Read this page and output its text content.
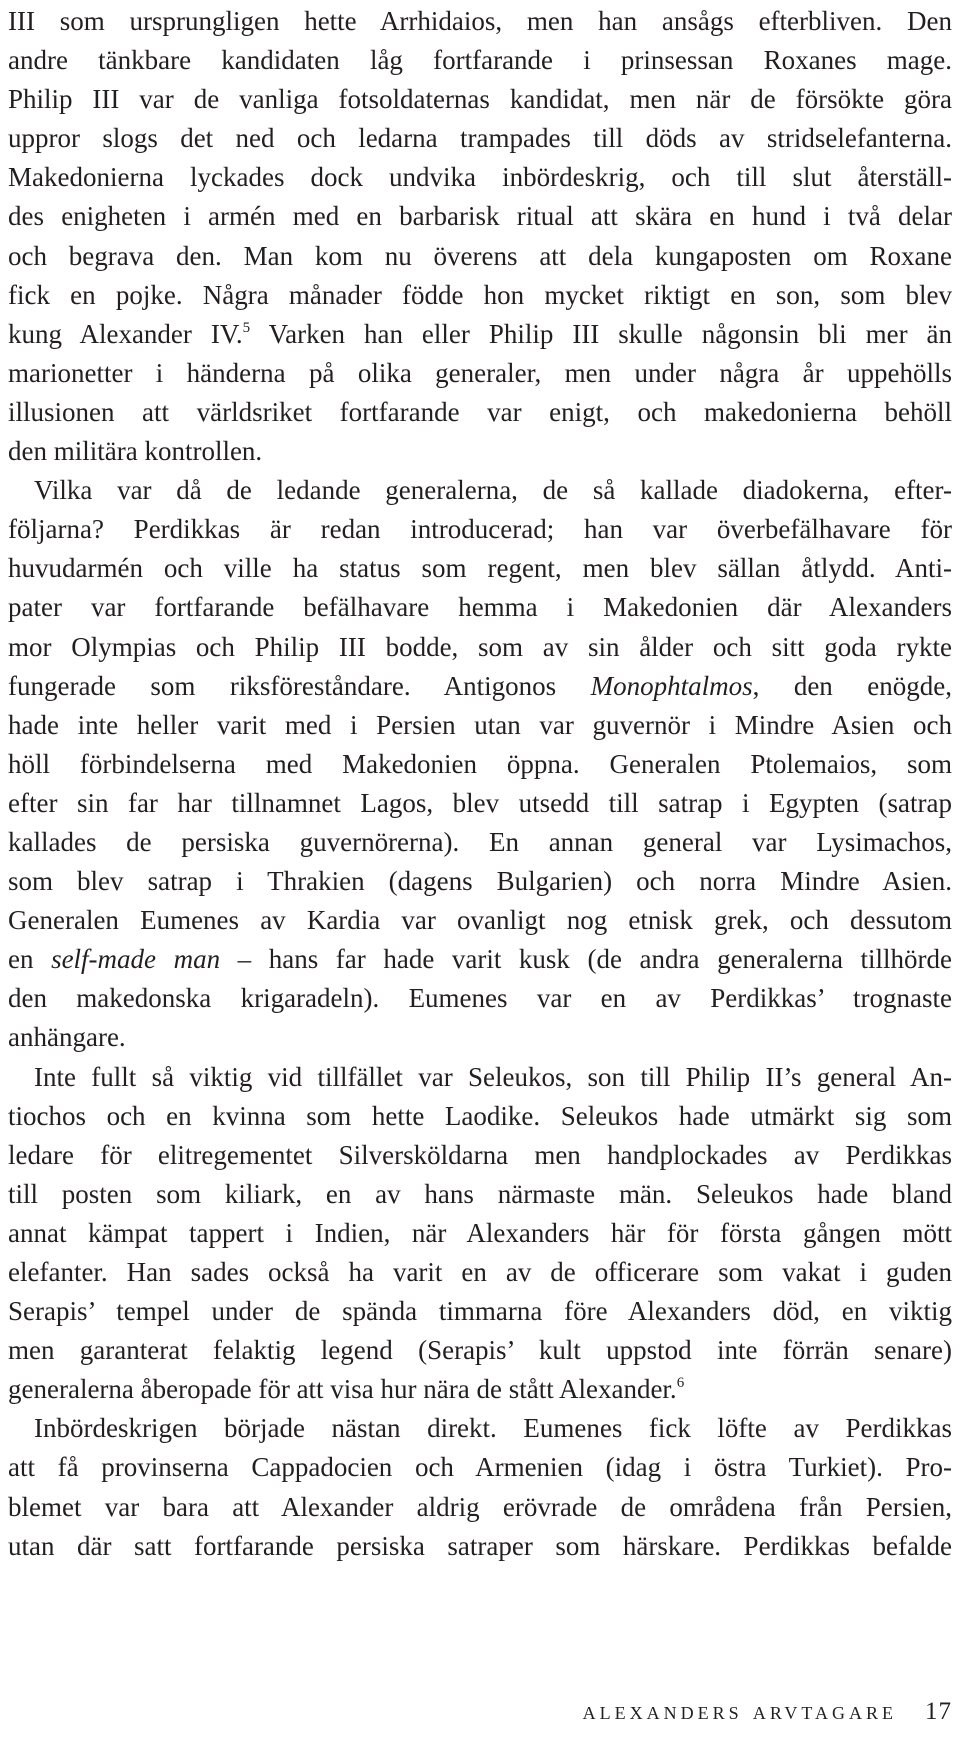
III som ursprungligen hette Arrhidaios, men han ansågs efterbliven. Den
andre tänkbare kandidaten låg fortfarande i prinsessan Roxanes mage.
Philip III var de vanliga fotsoldaternas kandidat, men när de försökte göra
uppror slogs det ned och ledarna trampades till döds av stridselefanterna.
Makedonierna lyckades dock undvika inbördeskrig, och till slut återställ-
des enigheten i armén med en barbarisk ritual att skära en hund i två delar
och begrava den. Man kom nu överens att dela kungaposten om Roxane
fick en pojke. Några månader födde hon mycket riktigt en son, som blev
kung Alexander IV.$^5$ Varken han eller Philip III skulle någonsin bli mer än
marionetter i händerna på olika generaler, men under några år uppehölls
illusionen att världsriket fortfarande var enigt, och makedonierna behöll
den militära kontrollen.
Vilka var då de ledande generalerna, de så kallade diadokerna, efter-
följarna? Perdikkas är redan introducerad; han var överbefälhavare för
huvudarmén och ville ha status som regent, men blev sällan åtlydd. Anti-
pater var fortfarande befälhavare hemma i Makedonien där Alexanders
mor Olympias och Philip III bodde, som av sin ålder och sitt goda rykte
fungerade som riksföreståndare. Antigonos Monophtalmos, den enögde,
hade inte heller varit med i Persien utan var guvernör i Mindre Asien och
höll förbindelserna med Makedonien öppna. Generalen Ptolemaios, som
efter sin far har tillnamnet Lagos, blev utsedd till satrap i Egypten (satrap
kallades de persiska guvernörerna). En annan general var Lysimachos,
som blev satrap i Thrakien (dagens Bulgarien) och norra Mindre Asien.
Generalen Eumenes av Kardia var ovanligt nog etnisk grek, och dessutom
en self-made man – hans far hade varit kusk (de andra generalerna tillhörde
den makedonska krigaradeln). Eumenes var en av Perdikkas’ trognaste
anhängare.
Inte fullt så viktig vid tillfället var Seleukos, son till Philip II’s general An-
tiochos och en kvinna som hette Laodike. Seleukos hade utmärkt sig som
ledare för elitregementet Silversköldarna men handplockades av Perdikkas
till posten som kiliark, en av hans närmaste män. Seleukos hade bland
annat kämpat tappert i Indien, när Alexanders här för första gången mött
elefanter. Han sades också ha varit en av de officerare som vakat i guden
Serapis’ tempel under de spända timmarna före Alexanders död, en viktig
men garanterat felaktig legend (Serapis’ kult uppstod inte förrän senare)
generalerna åberopade för att visa hur nära de stått Alexander.$^6$
Inbördeskrigen började nästan direkt. Eumenes fick löfte av Perdikkas
att få provinserna Cappadocien och Armenien (idag i östra Turkiet). Pro-
blemet var bara att Alexander aldrig erövrade de områdena från Persien,
utan där satt fortfarande persiska satraper som härskare. Perdikkas befalde
alexanders arvtagare 17
